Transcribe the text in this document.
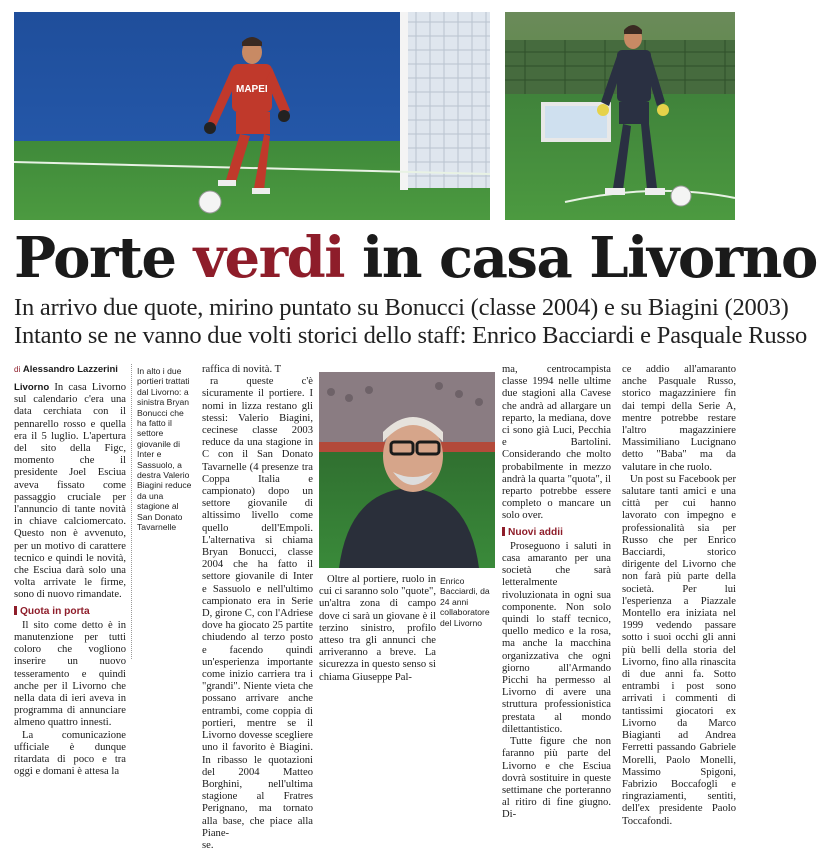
MAPEI
Porte verdi in casa Livorno
In arrivo due quote, mirino puntato su Bonucci (classe 2004) e su Biagini (2003)
Intanto se ne vanno due volti storici dello staff: Enrico Bacciardi e Pasquale Russo
di Alessandro Lazzerini

Livorno In casa Livorno sul calendario c'era una data cerchiata con il pennarello rosso e quella era il 5 luglio. L'apertura del sito della Figc, momento che il presidente Joel Esciua aveva fissato come passaggio cruciale per l'annuncio di tante novità in chiave calciomercato. Questo non è avvenuto, per un motivo di carattere tecnico e quindi le novità, che Esciua darà solo una volta arrivate le firme, sono di nuovo rimandate.

Quota in porta

Il sito come detto è in manutenzione per tutti coloro che vogliono inserire un nuovo tesseramento e quindi anche per il Livorno che nella data di ieri aveva in programma di annunciare almeno quattro innesti.

La comunicazione ufficiale è dunque ritardata di poco e tra oggi e domani è attesa la

In alto i due portieri trattati dal Livorno: a sinistra Bryan Bonucci che ha fatto il settore giovanile di Inter e Sassuolo, a destra Valerio Biagini reduce da una stagione al San Donato Tavarnelle

raffica di novità. T

ra queste c'è sicuramente il portiere. I nomi in lizza restano gli stessi: Valerio Biagini, cecinese classe 2003 reduce da una stagione in C con il San Donato Tavarnelle (4 presenze tra Coppa Italia e campionato) dopo un settore giovanile di altissimo livello come quello dell'Empoli. L'alternativa si chiama Bryan Bonucci, classe 2004 che ha fatto il settore giovanile di Inter e Sassuolo e nell'ultimo campionato era in Serie D, girone C, con l'Adriese dove ha giocato 25 partite chiudendo al terzo posto e facendo quindi un'esperienza importante come inizio carriera tra i "grandi". Niente vieta che possano arrivare anche entrambi, come coppia di portieri, mentre se il Livorno dovesse scegliere uno il favorito è Biagini. In ribasso le quotazioni del 2004 Matteo Borghini, nell'ultima stagione al Fratres Perignano, ma tornato alla base, che piace alla Piane-

se.

Enrico Bacciardi, da 24 anni collaboratore del Livorno

Oltre al portiere, ruolo in cui ci saranno solo "quote", un'altra zona di campo dove ci sarà un giovane è il terzino sinistro, profilo atteso tra gli annunci che arriveranno a breve. La sicurezza in questo senso si chiama Giuseppe Pal-

ma, centrocampista classe 1994 nelle ultime due stagioni alla Cavese che andrà ad allargare un reparto, la mediana, dove ci sono già Luci, Pecchia e Bartolini. Considerando che molto probabilmente in mezzo andrà la quarta "quota", il reparto potrebbe essere completo o mancare un solo over.

Nuovi addii

Proseguono i saluti in casa amaranto per una società che sarà letteralmente rivoluzionata in ogni sua componente. Non solo quindi lo staff tecnico, quello medico e la rosa, ma anche la macchina organizzativa che ogni giorno all'Armando Picchi ha permesso al Livorno di avere una struttura professionistica prestata al mondo dilettantistico.

Tutte figure che non faranno più parte del Livorno e che Esciua dovrà sostituire in queste settimane che porteranno al ritiro di fine giugno. Di-

ce addio all'amaranto anche Pasquale Russo, storico magazziniere fin dai tempi della Serie A, mentre potrebbe restare l'altro magazziniere Massimiliano Lucignano detto "Baba" ma da valutare in che ruolo.

Un post su Facebook per salutare tanti amici e una città per cui hanno lavorato con impegno e professionalità sia per Russo che per Enrico Bacciardi, storico dirigente del Livorno che non farà più parte della società. Per lui l'esperienza a Piazzale Montello era iniziata nel 1999 vedendo passare sotto i suoi occhi gli anni più belli della storia del Livorno, fino alla rinascita di due anni fa. Sotto entrambi i post sono arrivati i commenti di tantissimi giocatori ex Livorno da Marco Biagianti ad Andrea Ferretti passando Gabriele Morelli, Paolo Monelli, Massimo Spigoni, Fabrizio Boccafogli e ringraziamenti, sentiti, dell'ex presidente Paolo Toccafondi.
